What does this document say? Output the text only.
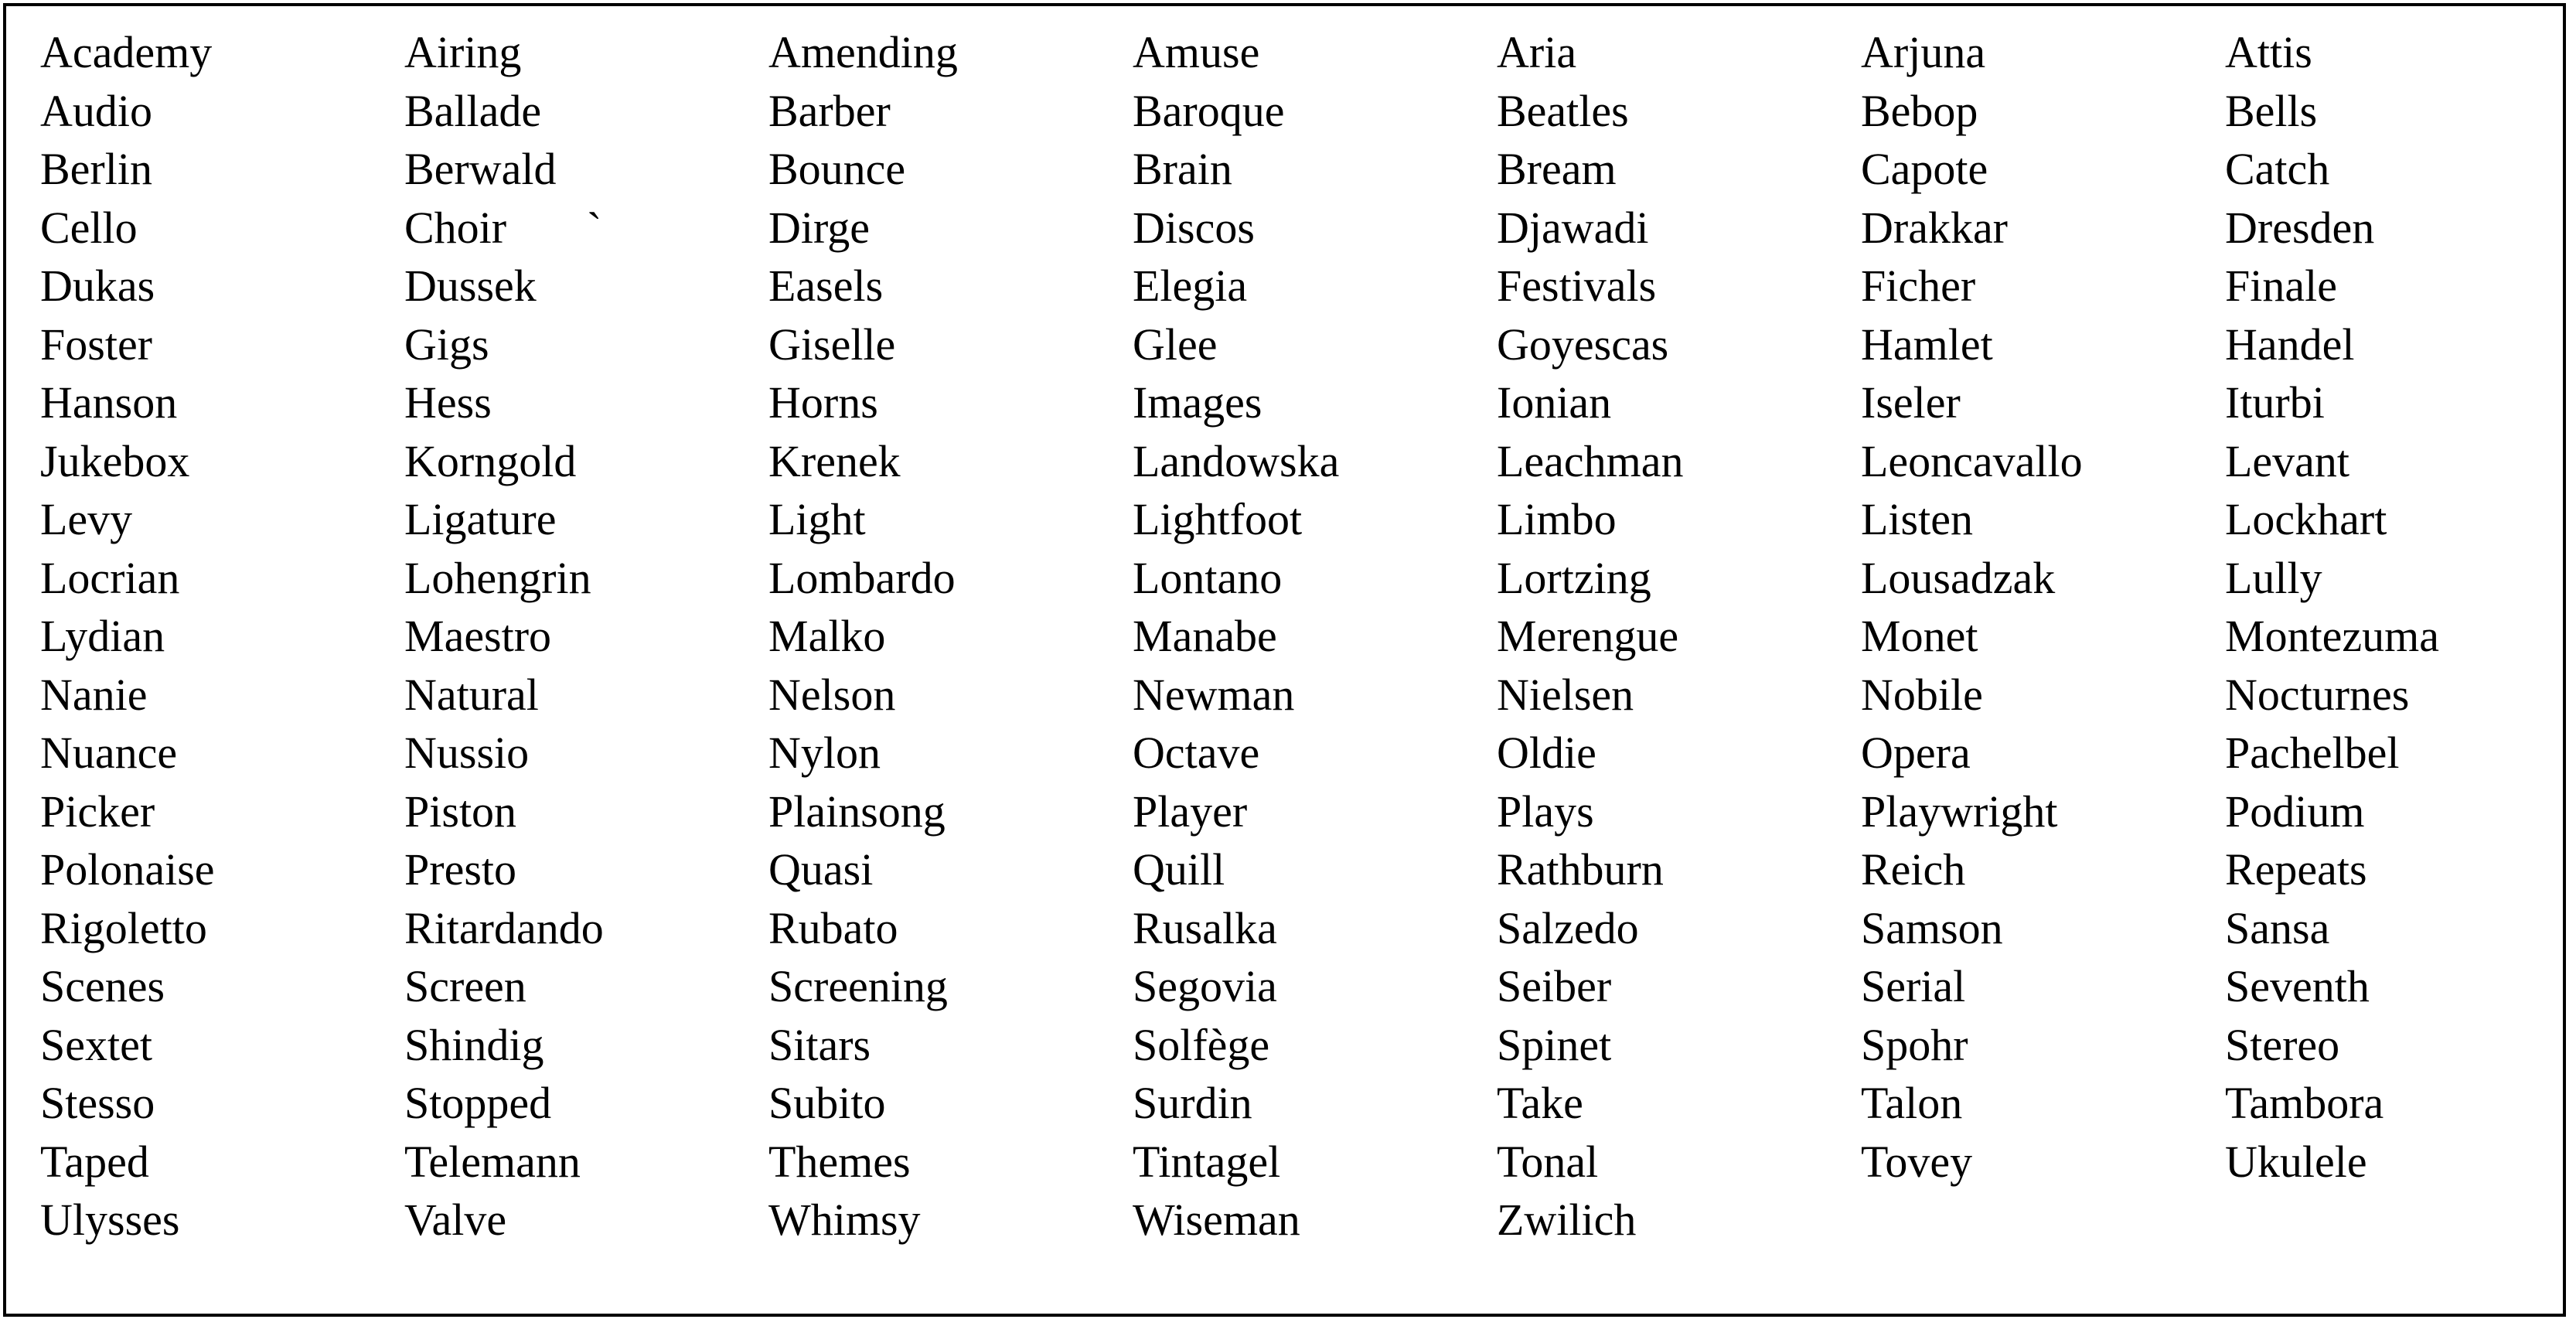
Academy	Airing	Amending	Amuse	Aria	Arjuna	Attis
Audio	Ballade	Barber	Baroque	Beatles	Bebop	Bells
Berlin	Berwald	Bounce	Brain	Bream	Capote	Catch
Cello	Choir	Dirge	Discos	Djawadi	Drakkar	Dresden
Dukas	Dussek	Easels	Elegia	Festivals	Ficher	Finale
Foster	Gigs	Giselle	Glee	Goyescas	Hamlet	Handel
Hanson	Hess	Horns	Images	Ionian	Iseler	Iturbi
Jukebox	Korngold	Krenek	Landowska	Leachman	Leoncavallo	Levant
Levy	Ligature	Light	Lightfoot	Limbo	Listen	Lockhart
Locrian	Lohengrin	Lombardo	Lontano	Lortzing	Lousadzak	Lully
Lydian	Maestro	Malko	Manabe	Merengue	Monet	Montezuma
Nanie	Natural	Nelson	Newman	Nielsen	Nobile	Nocturnes
Nuance	Nussio	Nylon	Octave	Oldie	Opera	Pachelbel
Picker	Piston	Plainsong	Player	Plays	Playwright	Podium
Polonaise	Presto	Quasi	Quill	Rathburn	Reich	Repeats
Rigoletto	Ritardando	Rubato	Rusalka	Salzedo	Samson	Sansa
Scenes	Screen	Screening	Segovia	Seiber	Serial	Seventh
Sextet	Shindig	Sitars	Solfège	Spinet	Spohr	Stereo
Stesso	Stopped	Subito	Surdin	Take	Talon	Tambora
Taped	Telemann	Themes	Tintagel	Tonal	Tovey	Ukulele
Ulysses	Valve	Whimsy	Wiseman	Zwilich
`
